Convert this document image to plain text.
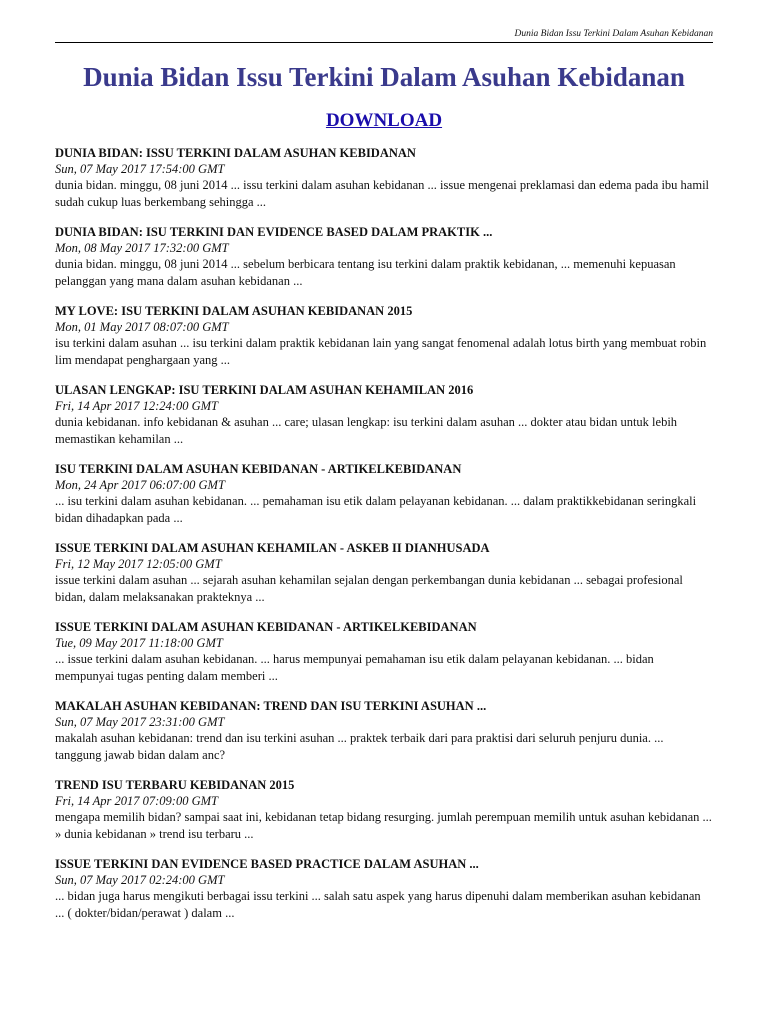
Dunia Bidan Issu Terkini Dalam Asuhan Kebidanan
Dunia Bidan Issu Terkini Dalam Asuhan Kebidanan
DOWNLOAD
DUNIA BIDAN: ISSU TERKINI DALAM ASUHAN KEBIDANAN
Sun, 07 May 2017 17:54:00 GMT
dunia bidan. minggu, 08 juni 2014 ... issu terkini dalam asuhan kebidanan ... issue mengenai preklamasi dan edema pada ibu hamil sudah cukup luas berkembang sehingga ...
DUNIA BIDAN: ISU TERKINI DAN EVIDENCE BASED DALAM PRAKTIK ...
Mon, 08 May 2017 17:32:00 GMT
dunia bidan. minggu, 08 juni 2014 ... sebelum berbicara tentang isu terkini dalam praktik kebidanan, ... memenuhi kepuasan pelanggan yang mana dalam asuhan kebidanan ...
MY LOVE: ISU TERKINI DALAM ASUHAN KEBIDANAN 2015
Mon, 01 May 2017 08:07:00 GMT
isu terkini dalam asuhan ... isu terkini dalam praktik kebidanan lain yang sangat fenomenal adalah lotus birth yang membuat robin lim mendapat penghargaan yang ...
ULASAN LENGKAP: ISU TERKINI DALAM ASUHAN KEHAMILAN 2016
Fri, 14 Apr 2017 12:24:00 GMT
dunia kebidanan. info kebidanan & asuhan ... care; ulasan lengkap: isu terkini dalam asuhan ... dokter atau bidan untuk lebih memastikan kehamilan ...
ISU TERKINI DALAM ASUHAN KEBIDANAN - ARTIKELKEBIDANAN
Mon, 24 Apr 2017 06:07:00 GMT
... isu terkini dalam asuhan kebidanan. ... pemahaman isu etik dalam pelayanan kebidanan. ... dalam praktikkebidanan seringkali bidan dihadapkan pada ...
ISSUE TERKINI DALAM ASUHAN KEHAMILAN - ASKEB II DIANHUSADA
Fri, 12 May 2017 12:05:00 GMT
issue terkini dalam asuhan ... sejarah asuhan kehamilan sejalan dengan perkembangan dunia kebidanan ... sebagai profesional bidan, dalam melaksanakan prakteknya ...
ISSUE TERKINI DALAM ASUHAN KEBIDANAN - ARTIKELKEBIDANAN
Tue, 09 May 2017 11:18:00 GMT
... issue terkini dalam asuhan kebidanan. ... harus mempunyai pemahaman isu etik dalam pelayanan kebidanan. ... bidan mempunyai tugas penting dalam memberi ...
MAKALAH ASUHAN KEBIDANAN: TREND DAN ISU TERKINI ASUHAN ...
Sun, 07 May 2017 23:31:00 GMT
makalah asuhan kebidanan: trend dan isu terkini asuhan ... praktek terbaik dari para praktisi dari seluruh penjuru dunia. ... tanggung jawab bidan dalam anc?
TREND ISU TERBARU KEBIDANAN 2015
Fri, 14 Apr 2017 07:09:00 GMT
mengapa memilih bidan? sampai saat ini, kebidanan tetap bidang resurging. jumlah perempuan memilih untuk asuhan kebidanan ... » dunia kebidanan » trend isu terbaru ...
ISSUE TERKINI DAN EVIDENCE BASED PRACTICE DALAM ASUHAN ...
Sun, 07 May 2017 02:24:00 GMT
... bidan juga harus mengikuti berbagai issu terkini ... salah satu aspek yang harus dipenuhi dalam memberikan asuhan kebidanan ... ( dokter/bidan/perawat ) dalam ...
